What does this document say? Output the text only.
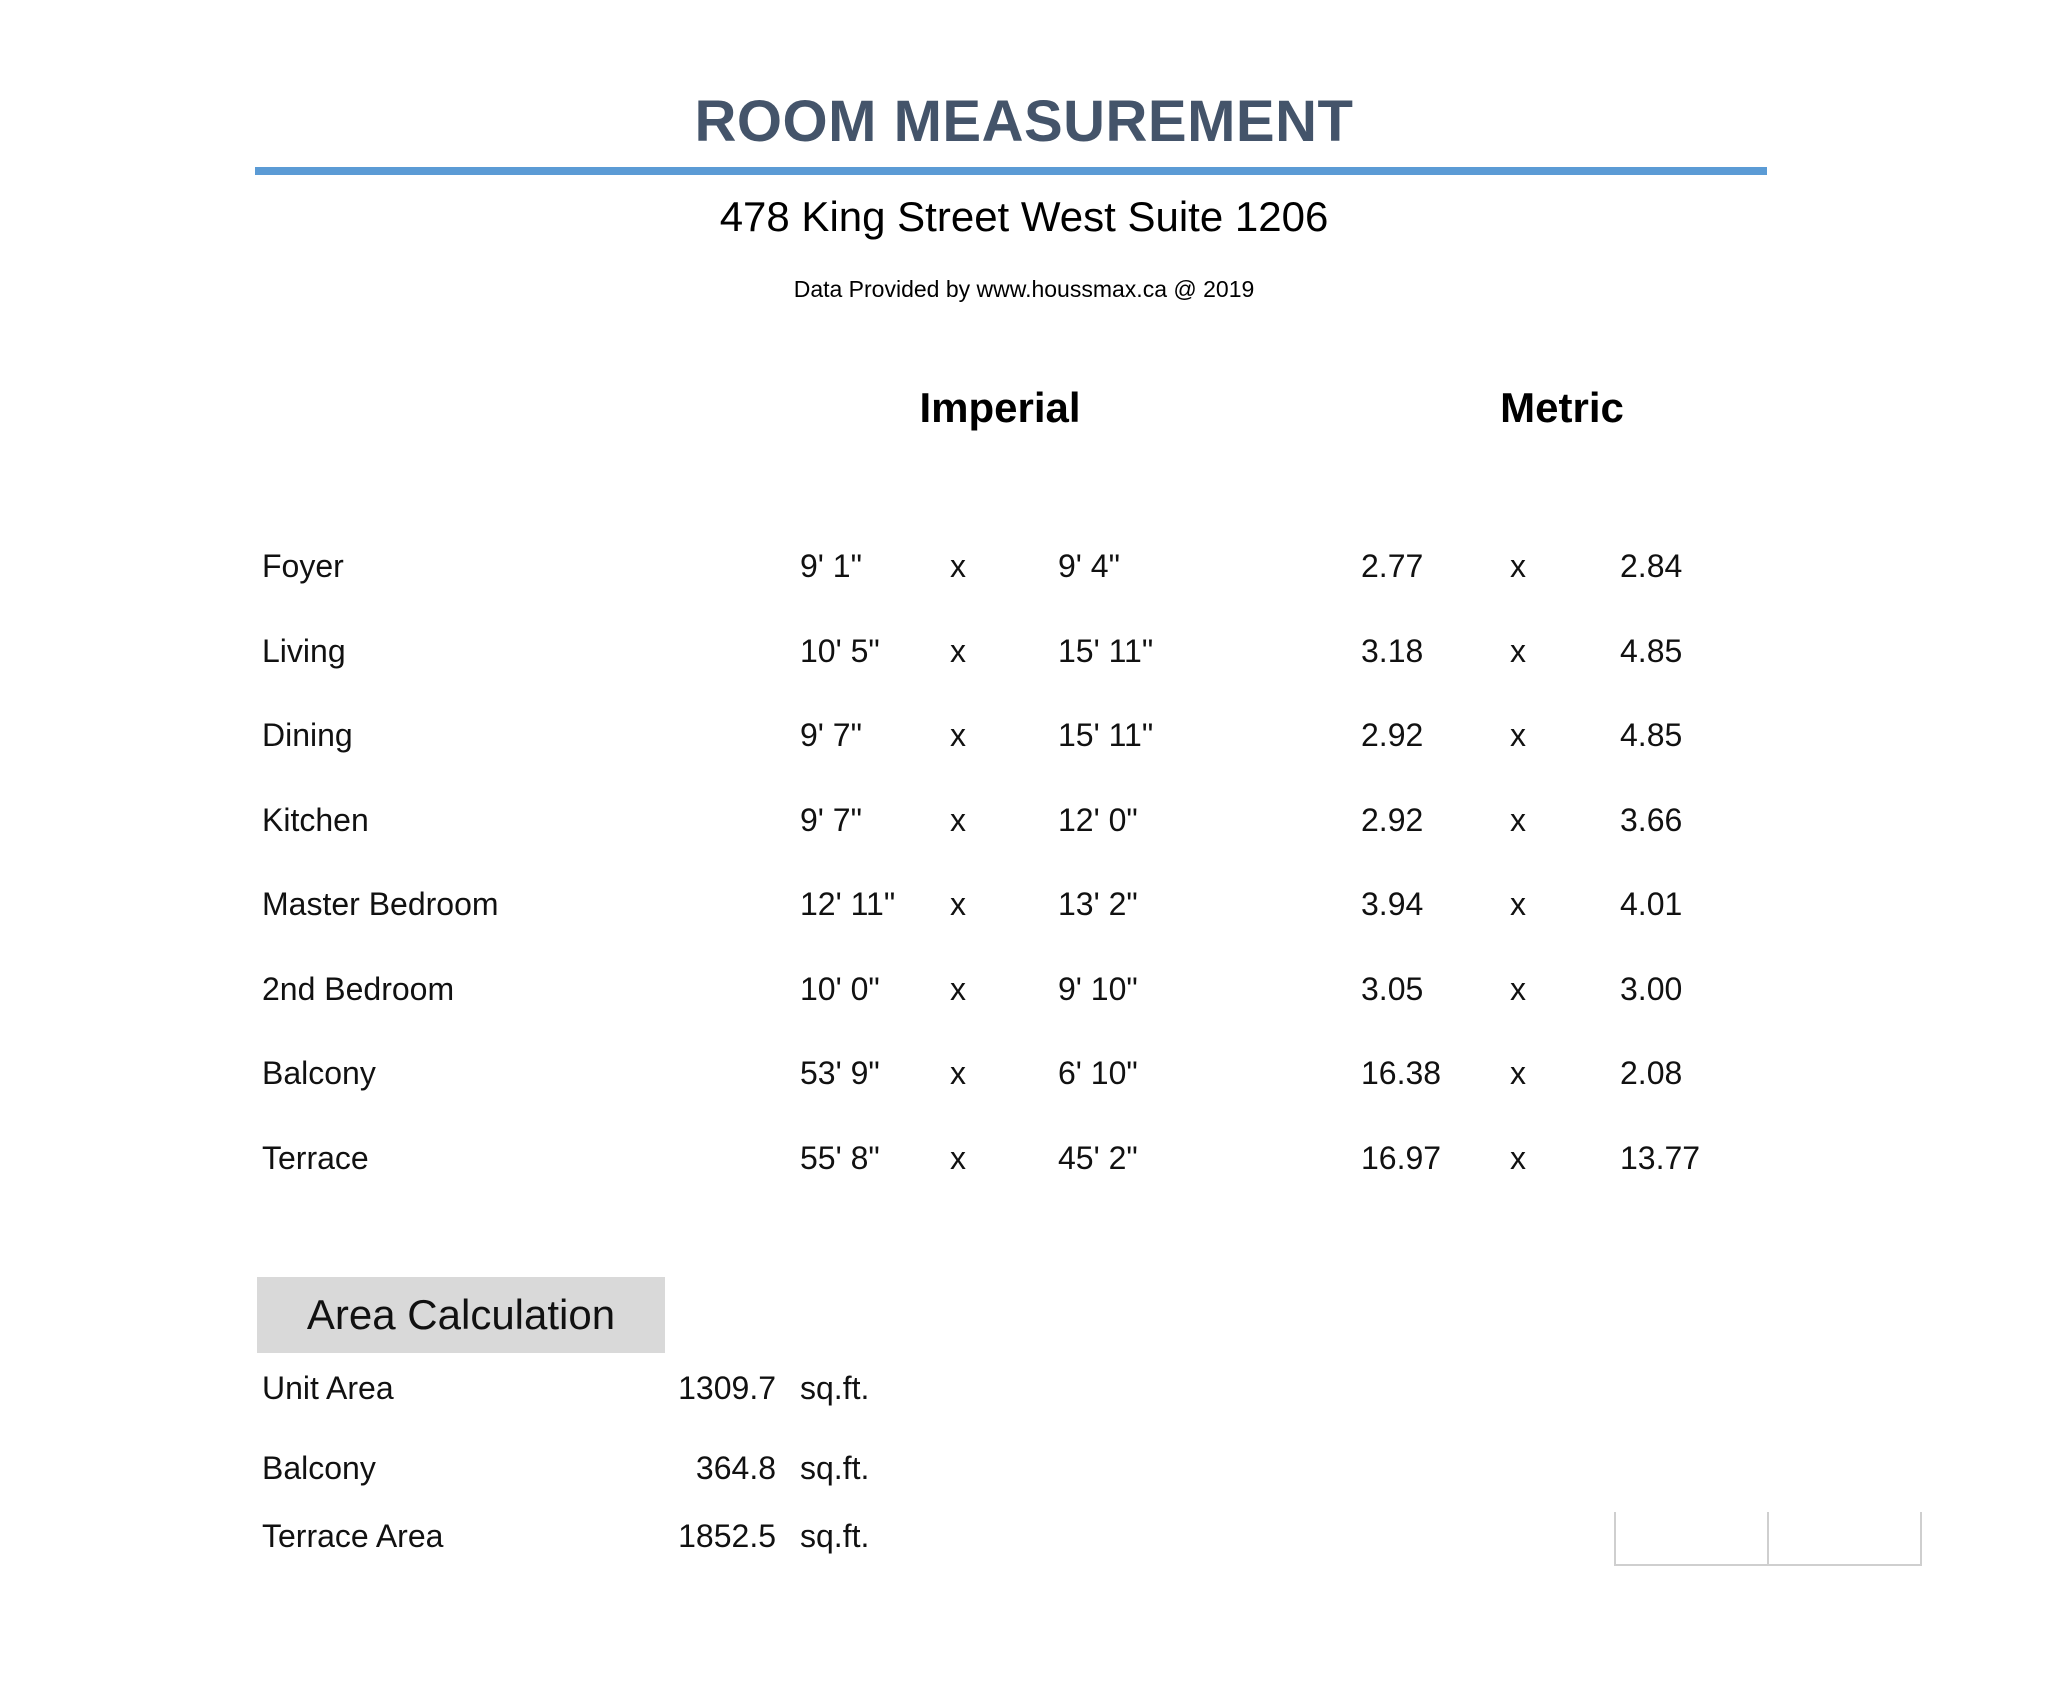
ROOM MEASUREMENT
478 King Street West Suite 1206
Data Provided by www.houssmax.ca @ 2019
Imperial	Metric
Foyer	9' 1"	x	9' 4"	2.77	x	2.84
Living	10' 5" x	15' 11"	3.18	x	4.85
Dining	9' 7"	x	15' 11"	2.92	x	4.85
Kitchen	9' 7"	x	12' 0"	2.92	x	3.66
Master Bedroom	12' 11" x	13' 2"	3.94	x	4.01
2nd Bedroom	10' 0" x	9' 10"	3.05	x	3.00
Balcony	53' 9" x	6' 10"	16.38 x	2.08
Terrace	55' 8" x	45' 2"	16.97 x	13.77
Area Calculation
Unit Area	1309.7 sq.ft.
Balcony	364.8 sq.ft.
Terrace Area	1852.5 sq.ft.
